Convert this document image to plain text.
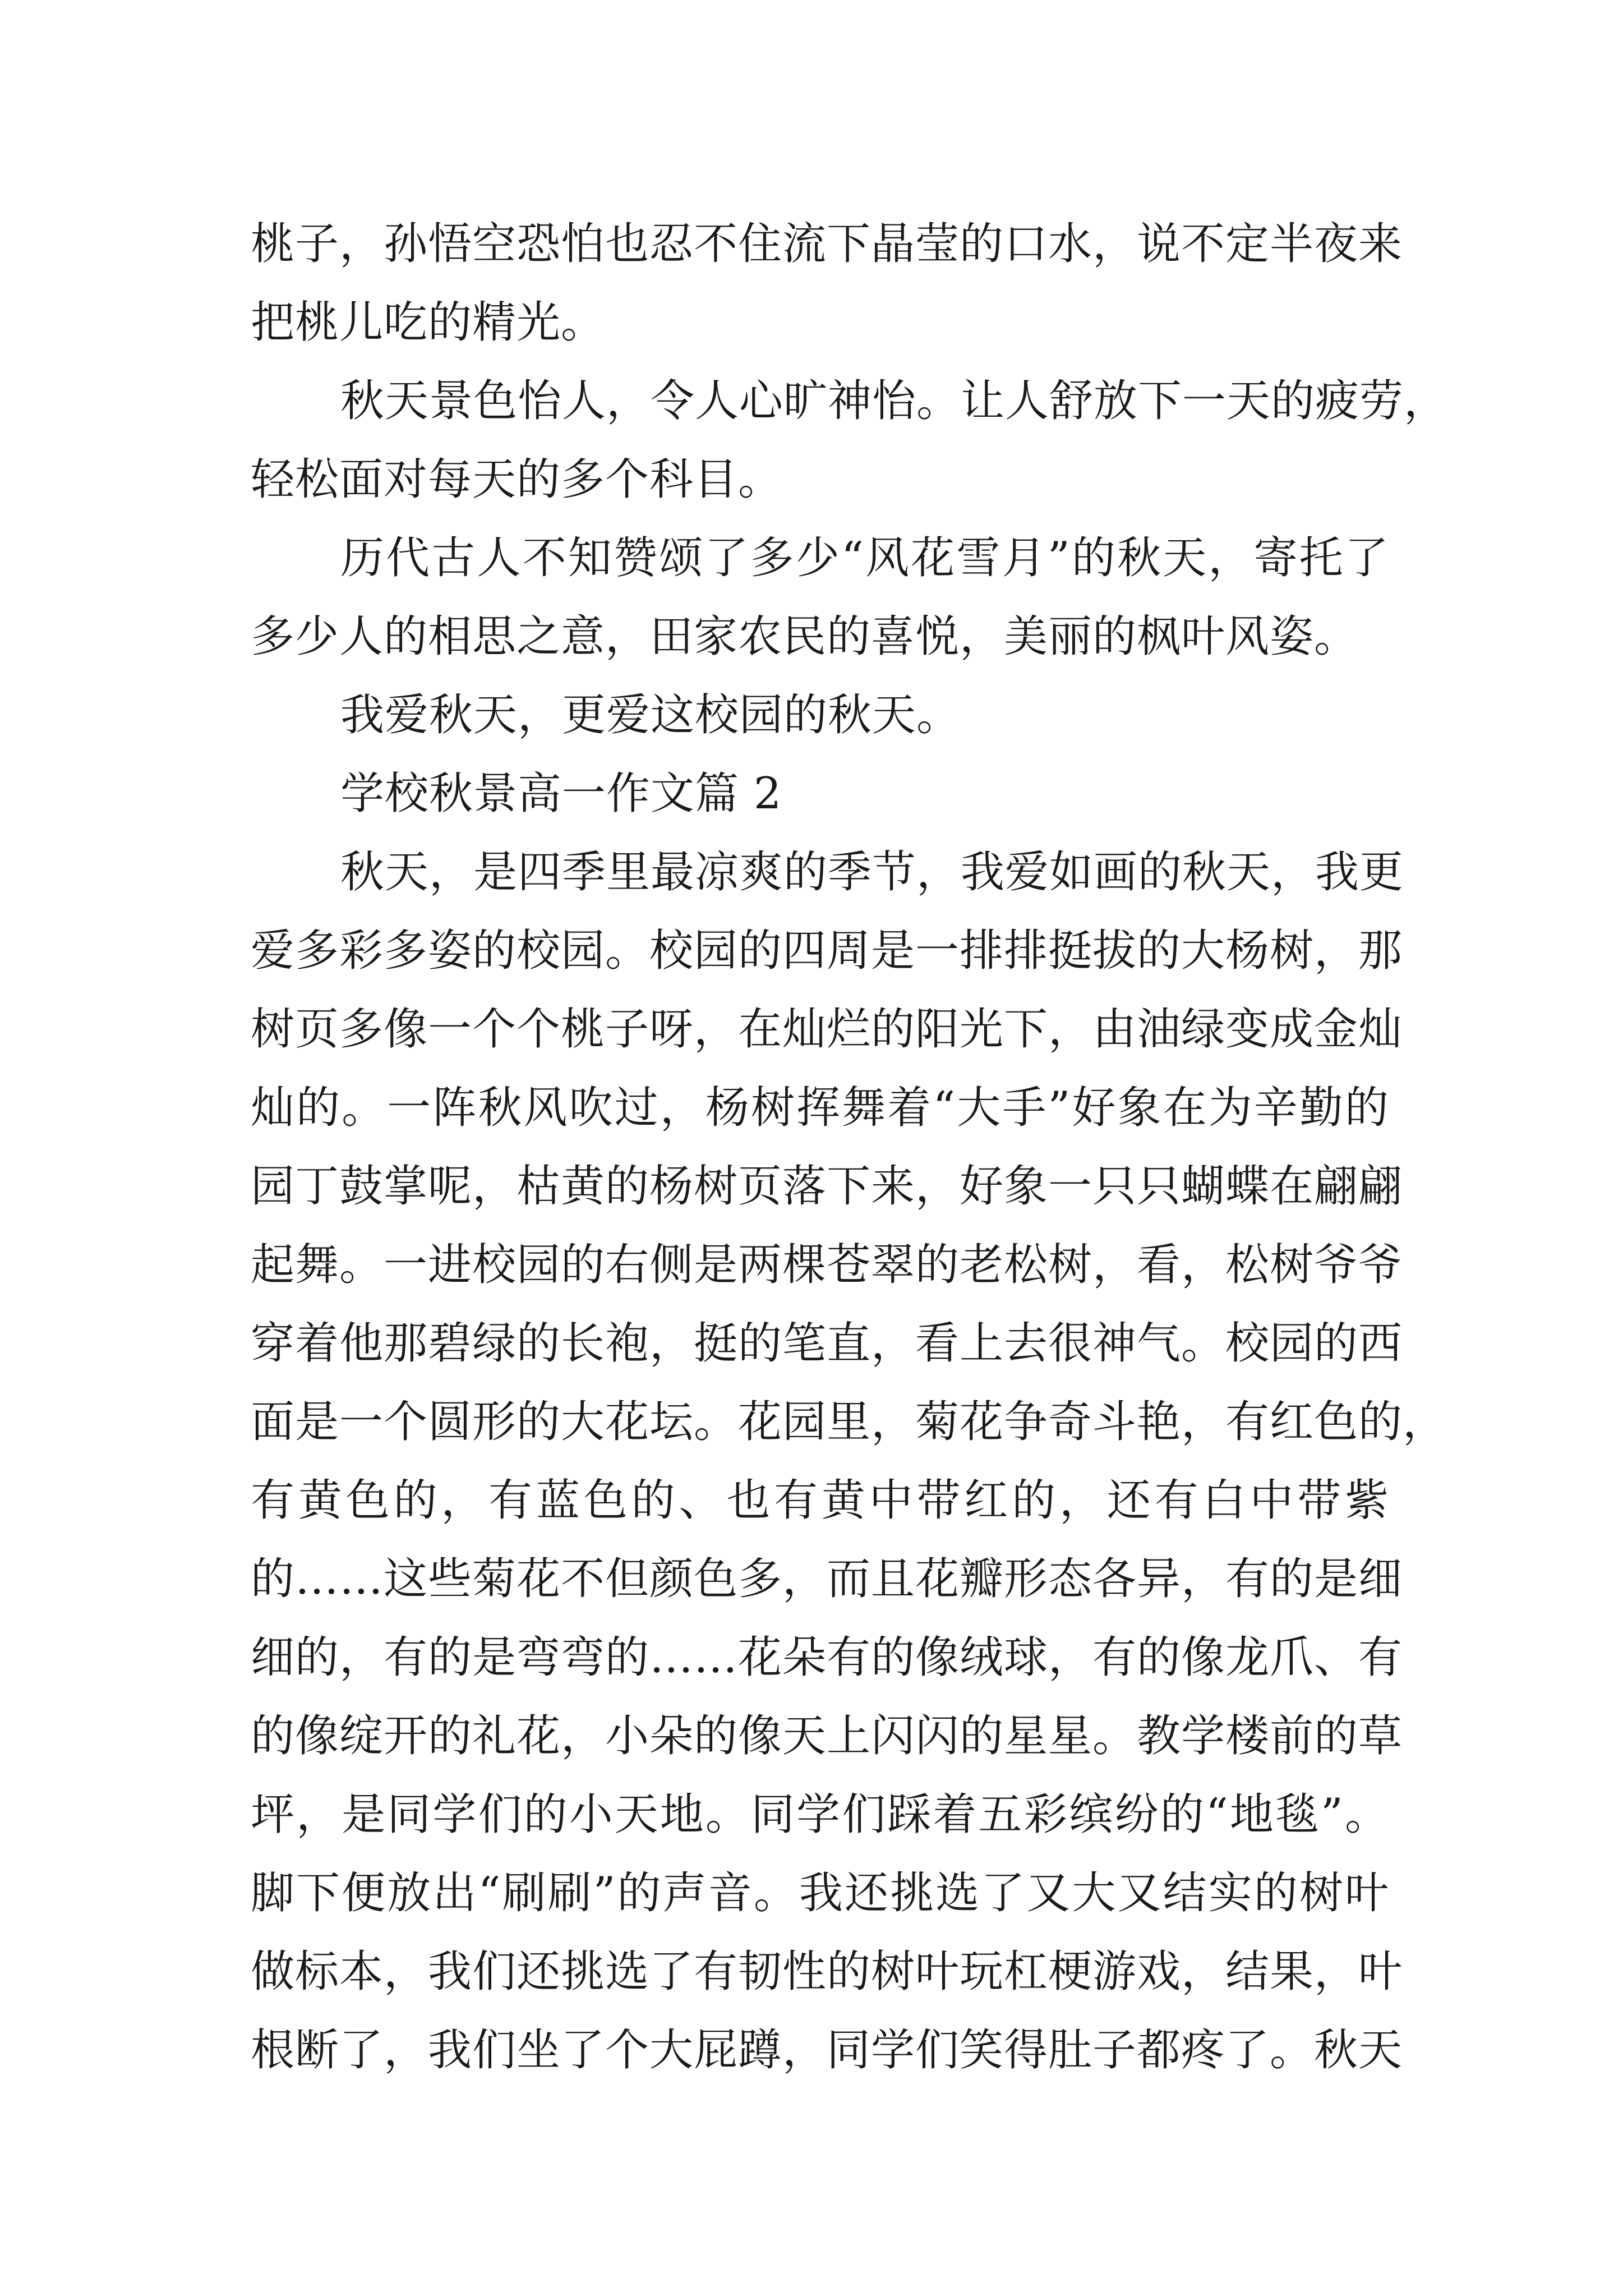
桃子，孙悟空恐怕也忍不住流下晶莹的口水，说不定半夜来
把桃儿吃的精光。
秋天景色怡人，令人心旷神怡。让人舒放下一天的疲劳，
轻松面对每天的多个科目。
历代古人不知赞颂了多少“风花雪月”的秋天，寄托了
多少人的相思之意，田家农民的喜悦，美丽的枫叶风姿。
我爱秋天，更爱这校园的秋天。
学校秋景高一作文篇 2
秋天，是四季里最凉爽的季节，我爱如画的秋天，我更
爱多彩多姿的校园。校园的四周是一排排挺拔的大杨树，那
树页多像一个个桃子呀，在灿烂的阳光下，由油绿变成金灿
灿的。一阵秋风吹过，杨树挥舞着“大手”好象在为辛勤的
园丁鼓掌呢，枯黄的杨树页落下来，好象一只只蝴蝶在翩翩
起舞。一进校园的右侧是两棵苍翠的老松树，看，松树爷爷
穿着他那碧绿的长袍，挺的笔直，看上去很神气。校园的西
面是一个圆形的大花坛。花园里，菊花争奇斗艳，有红色的，
有黄色的，有蓝色的、也有黄中带红的，还有白中带紫
的……这些菊花不但颜色多，而且花瓣形态各异，有的是细
细的，有的是弯弯的……花朵有的像绒球，有的像龙爪、有
的像绽开的礼花，小朵的像天上闪闪的星星。教学楼前的草
坪，是同学们的小天地。同学们踩着五彩缤纷的“地毯”。
脚下便放出“刷刷”的声音。我还挑选了又大又结实的树叶
做标本，我们还挑选了有韧性的树叶玩杠梗游戏，结果，叶
根断了，我们坐了个大屁蹲，同学们笑得肚子都疼了。秋天
